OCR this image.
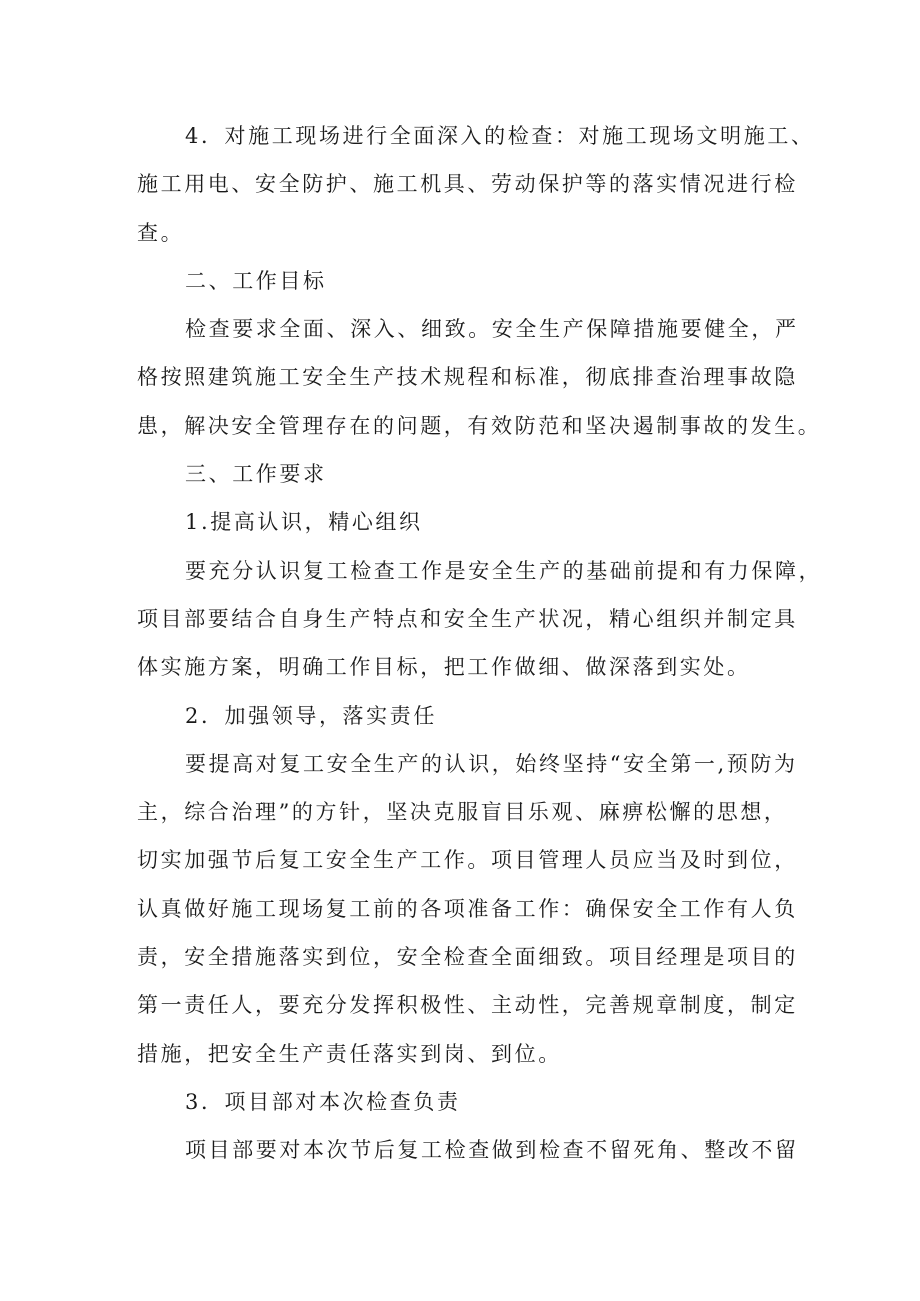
4．对施工现场进行全面深入的检查：对施工现场文明施工、
施工用电、安全防护、施工机具、劳动保护等的落实情况进行检
查。
二、工作目标
检查要求全面、深入、细致。安全生产保障措施要健全，严
格按照建筑施工安全生产技术规程和标准，彻底排查治理事故隐
患，解决安全管理存在的问题，有效防范和坚决遏制事故的发生。
三、工作要求
1.提高认识，精心组织
要充分认识复工检查工作是安全生产的基础前提和有力保障，
项目部要结合自身生产特点和安全生产状况，精心组织并制定具
体实施方案，明确工作目标，把工作做细、做深落到实处。
2．加强领导，落实责任
要提高对复工安全生产的认识，始终坚持“安全第一,预防为
主，综合治理”的方针，坚决克服盲目乐观、麻痹松懈的思想，
切实加强节后复工安全生产工作。项目管理人员应当及时到位，
认真做好施工现场复工前的各项准备工作：确保安全工作有人负
责，安全措施落实到位，安全检查全面细致。项目经理是项目的
第一责任人，要充分发挥积极性、主动性，完善规章制度，制定
措施，把安全生产责任落实到岗、到位。
3．项目部对本次检查负责
项目部要对本次节后复工检查做到检查不留死角、整改不留
